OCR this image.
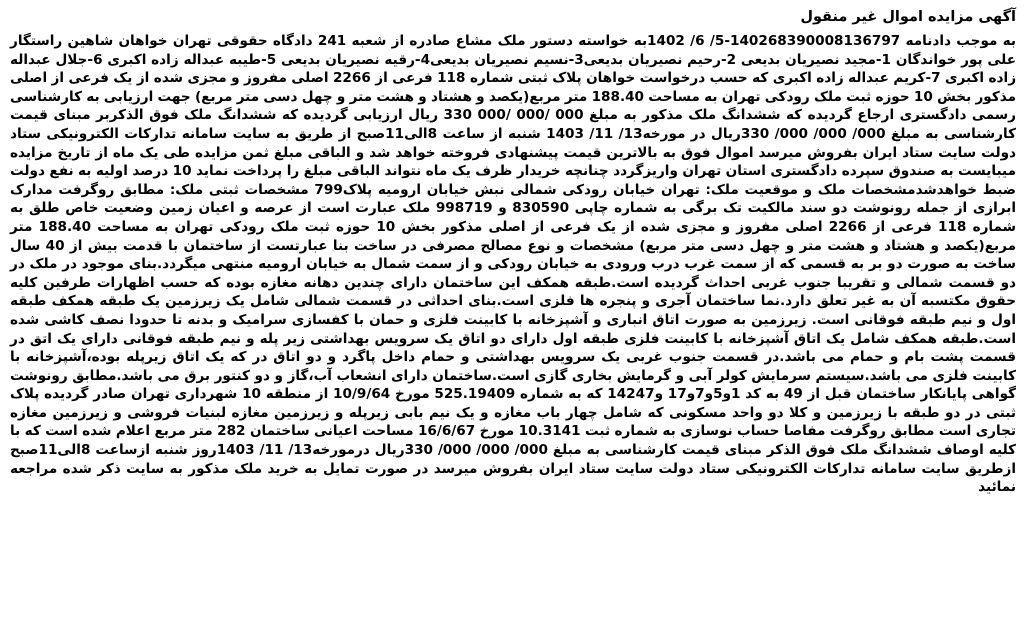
آگهی مزایده اموال غیر منقول

به موجب دادنامه 140268390008136797-5/ 6/ 1402به خواسته دستور ملک مشاع صادره از شعبه 241 دادگاه حقوقی تهران خواهان شاهین راستگار علی پور خواندگان 1-مجید نصیریان بدیعی 2-رحیم نصیریان بدیعی3-نسیم نصیریان بدیعی4-رقیه نصیریان بدیعی 5-طیبه عبداله زاده اکبری 6-جلال عبداله زاده اکبری 7-کریم عبداله زاده اکبری که حسب درخواست خواهان پلاک ثبتی شماره 118 فرعی از 2266 اصلی مفروز و مجزی شده از یک فرعی از اصلی مذکور بخش 10 حوزه ثبت ملک رودکی تهران به مساحت 188.40 متر مربع(یکصد و هشتاد و هشت متر و چهل دسی متر مربع) جهت ارزیابی به کارشناسی رسمی دادگستری ارجاع گردیده که ششدانگ ملک مذکور به مبلغ 000 /000 /000 330 ریال ارزیابی گردیده که ششدانگ ملک فوق الذکربر مبنای قیمت کارشناسی به مبلغ 000/ 000/ 000/ 330ریال در مورخه13/ 11/ 1403 شنبه از ساعت 8الی11صبح از طریق به سایت سامانه تدارکات الکترونیکی ستاد دولت سایت ستاد ایران بفروش میرسد اموال فوق به بالاترین قیمت پیشنهادی فروخته خواهد شد و الباقی مبلغ ثمن مزایده طی یک ماه از تاریخ مزایده میبایست به صندوق سپرده دادگستری استان تهران واریزگردد چنانچه خریدار ظرف یک ماه نتواند الباقی مبلغ را پرداخت نماید 10 درصد اولیه به نفع دولت ضبط خواهدشدمشخصات ملک و موقعیت ملک: تهران خیابان رودکی شمالی نبش خیابان ارومیه پلاک799 مشخصات ثبتی ملک: مطابق روگرفت مدارک ابرازی از جمله رونوشت دو سند مالکیت تک برگی به شماره چاپی 830590 و 998719 ملک عبارت است از عرصه و اعیان زمین وضعیت خاص طلق به شماره 118 فرعی از 2266 اصلی مفروز و مجزی شده از یک فرعی از اصلی مذکور بخش 10 حوزه ثبت ملک رودکی تهران به مساحت 188.40 متر مربع(یکصد و هشتاد و هشت متر و چهل دسی متر مربع) مشخصات و نوع مصالح مصرفی در ساخت بنا عبارتست از ساختمان با قدمت بیش از 40 سال ساخت به صورت دو بر به قسمی که از سمت غرب درب ورودی به خیابان رودکی و از سمت شمال به خیابان ارومیه منتهی میگردد.بنای موجود در ملک در دو قسمت شمالی و تقریبا جنوب غربی احداث گردیده است.طبقه همکف این ساختمان دارای چندین دهانه مغازه بوده که حسب اظهارات طرفین کلیه حقوق مکتسبه آن به غیر تعلق دارد.نما ساختمان آجری و پنجره ها فلزی است.بنای احداثی در قسمت شمالی شامل یک زیرزمین یک طبقه همکف طبقه اول و نیم طبقه فوقانی است. زیرزمین به صورت اتاق انباری و آشپزخانه با کابینت فلزی و حمان با کفسازی سرامیک و بدنه تا حدودا نصف کاشی شده است.طبقه همکف شامل یک اتاق آشپزخانه با کابینت فلزی طبقه اول دارای دو اتاق یک سرویس بهداشتی زیر پله و نیم طبقه فوقانی دارای یک اتق در قسمت پشت بام و حمام می باشد.در قسمت جنوب غربی یک سرویس بهداشتی و حمام داخل پاگرد و دو اتاق در که یک اتاق زیرپله بوده،آشپزخانه با کابینت فلزی می باشد.سیستم سرمایش کولر آبی و گرمایش بخاری گازی است.ساختمان دارای انشعاب آب،گاز و دو کنتور برق می باشد.مطابق رونوشت گواهی پایانکار ساختمان قبل از 49 به کد 1و5و7و17 و14247 که به شماره 525.19409 مورخ 10/9/64 از منطقه 10 شهرداری تهران صادر گردیده پلاک ثبتی در دو طبقه با زیرزمین و کلا دو واحد مسکونی که شامل چهار باب مغازه و یک نیم بابی زیرپله و زیرزمین مغازه لبنیات فروشی و زیرزمین مغازه تجاری است مطابق روگرفت مفاصا حساب نوسازی به شماره ثبت 10.3141 مورخ 16/6/67 مساحت اعیانی ساختمان 282 متر مربع اعلام شده است که با کلیه اوصاف ششدانگ ملک فوق الذکر مبنای قیمت کارشناسی به مبلغ 000/ 000/ 000/ 330ریال درمورخه13/ 11/ 1403روز شنبه ازساعت 8الی11صبح ازطریق سایت سامانه تدارکات الکترونیکی ستاد دولت سایت ستاد ایران بفروش میرسد در صورت تمایل به خرید ملک مذکور به سایت ذکر شده مراجعه نمائید
